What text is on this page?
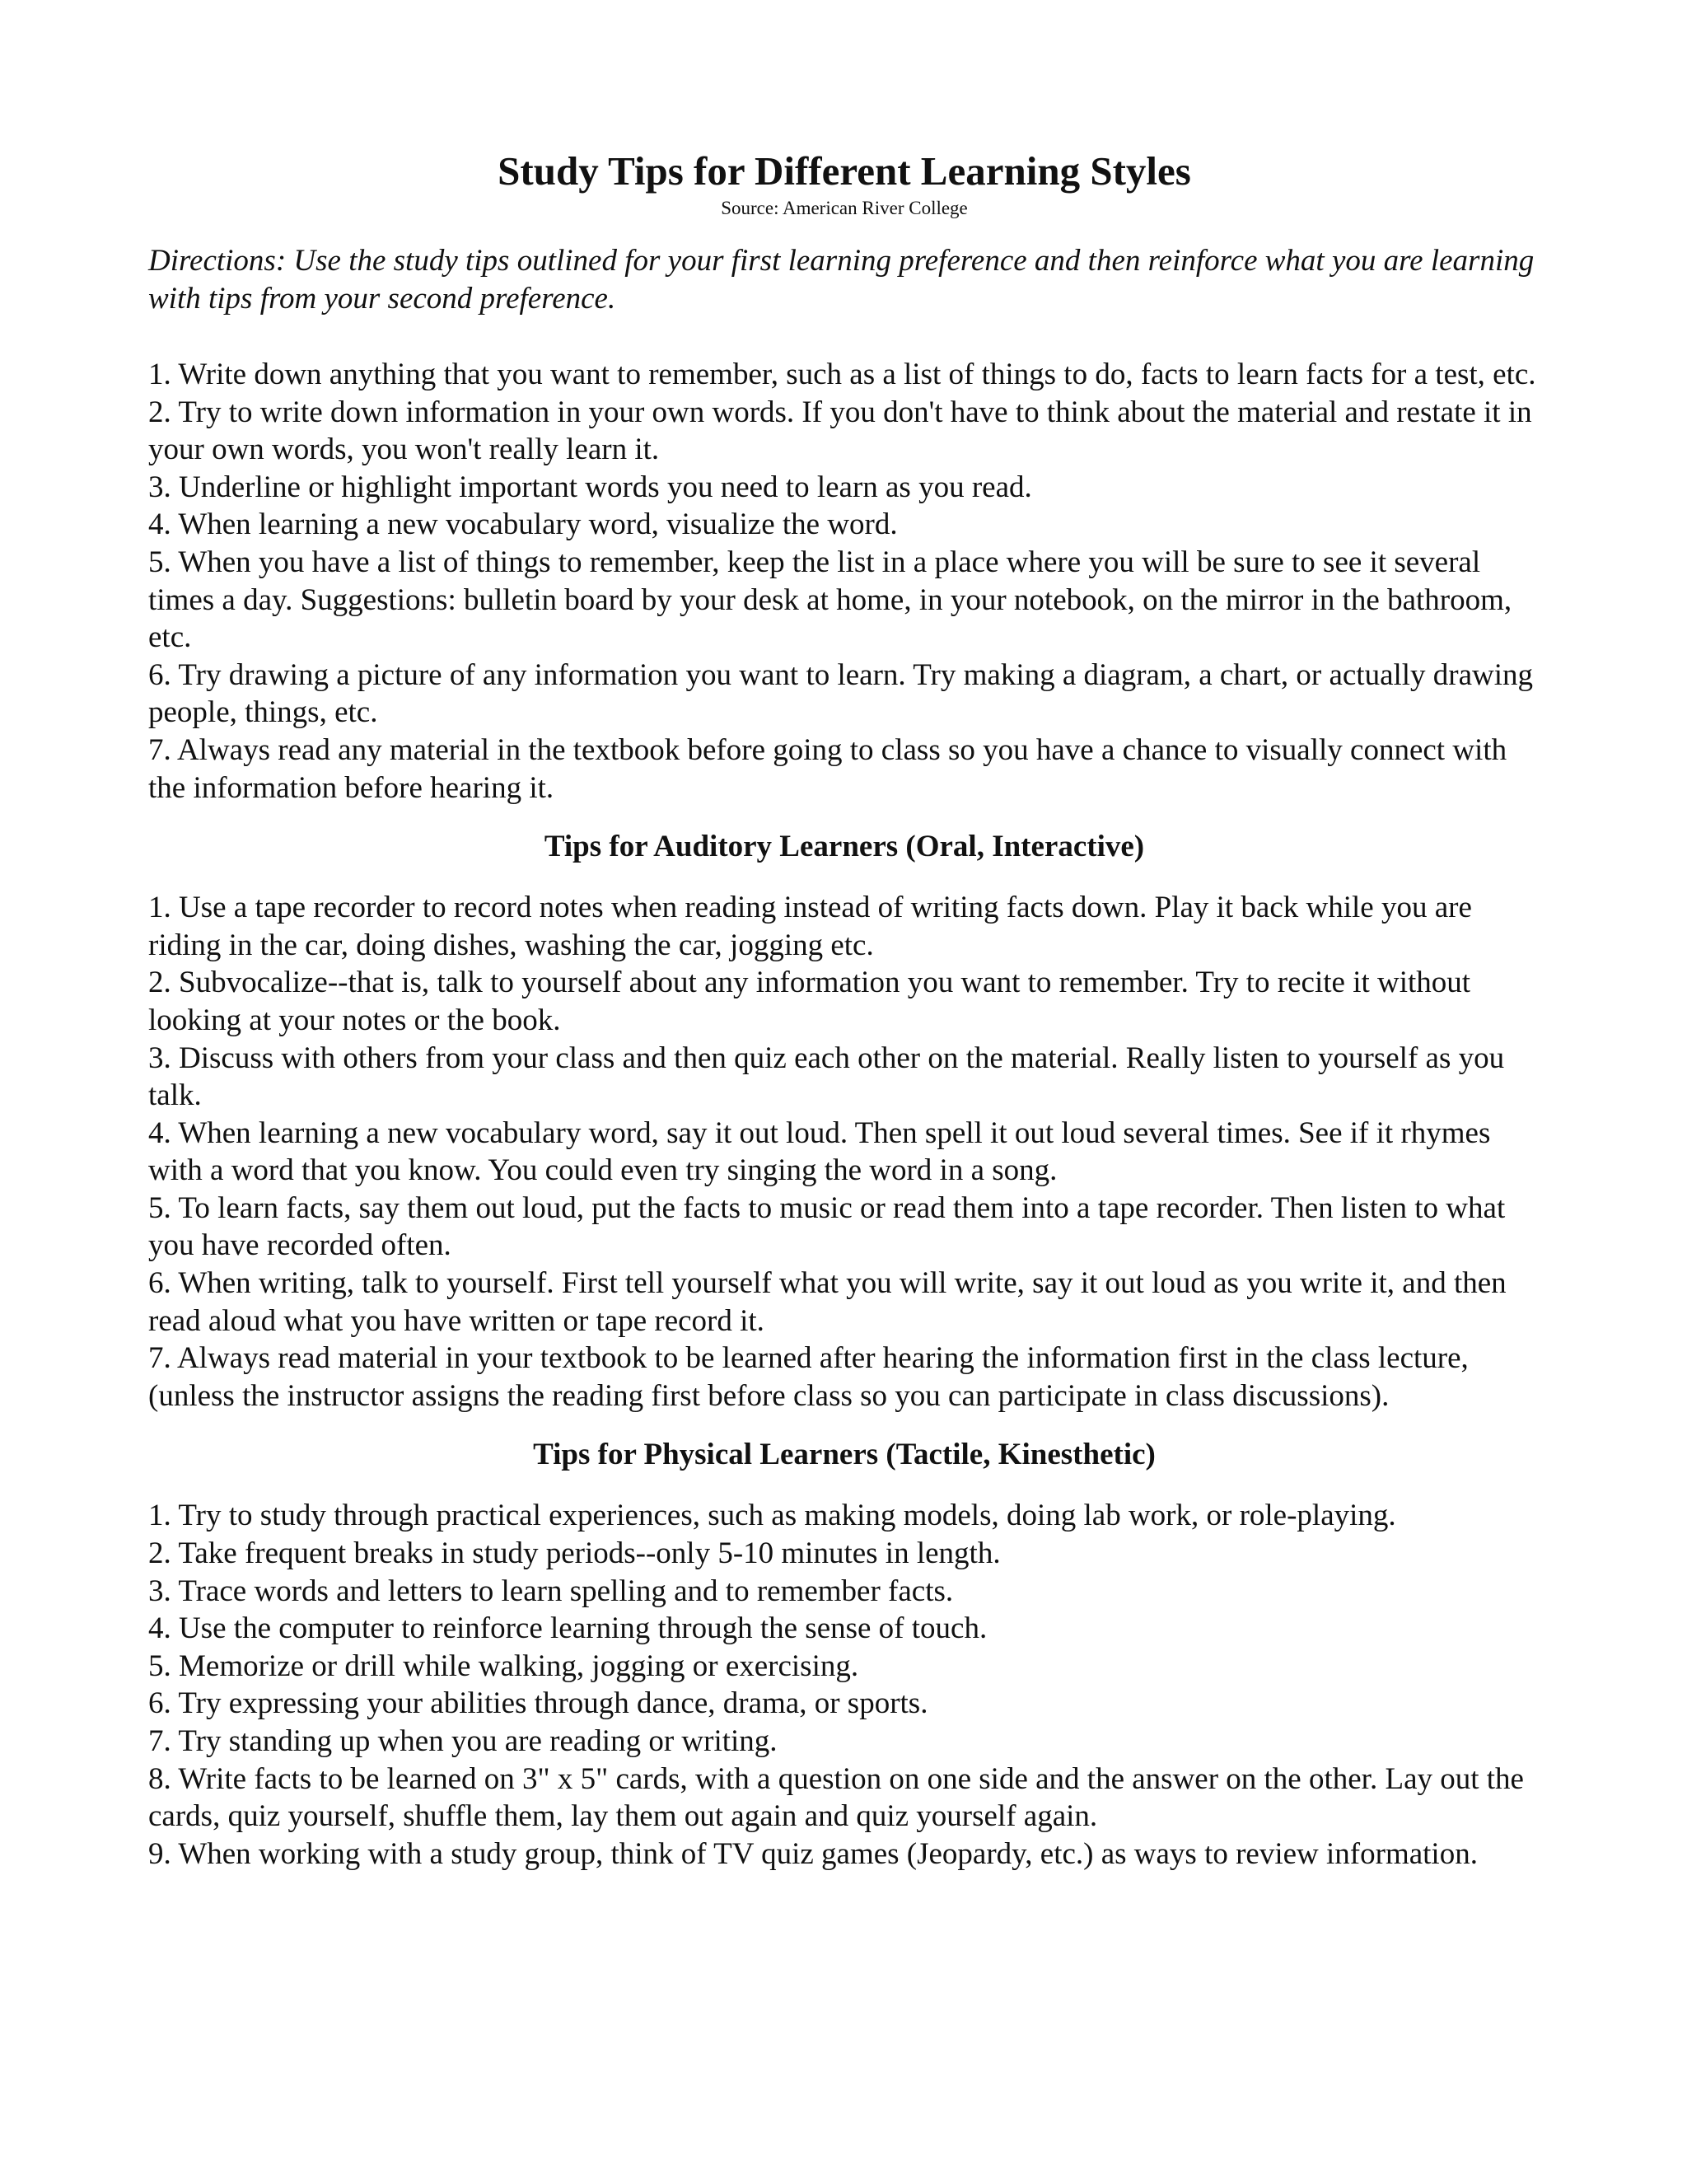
Study Tips for Different Learning Styles

Source: American River College

Directions: Use the study tips outlined for your first learning preference and then reinforce what you are learning with tips from your second preference.

1. Write down anything that you want to remember, such as a list of things to do, facts to learn facts for a test, etc.
2. Try to write down information in your own words. If you don't have to think about the material and restate it in your own words, you won't really learn it.
3. Underline or highlight important words you need to learn as you read.
4. When learning a new vocabulary word, visualize the word.
5. When you have a list of things to remember, keep the list in a place where you will be sure to see it several times a day. Suggestions: bulletin board by your desk at home, in your notebook, on the mirror in the bathroom, etc.
6. Try drawing a picture of any information you want to learn. Try making a diagram, a chart, or actually drawing people, things, etc.
7. Always read any material in the textbook before going to class so you have a chance to visually connect with the information before hearing it.
Tips for Auditory Learners (Oral, Interactive)
1. Use a tape recorder to record notes when reading instead of writing facts down. Play it back while you are riding in the car, doing dishes, washing the car, jogging etc.
2. Subvocalize--that is, talk to yourself about any information you want to remember. Try to recite it without looking at your notes or the book.
3. Discuss with others from your class and then quiz each other on the material. Really listen to yourself as you talk.
4. When learning a new vocabulary word, say it out loud. Then spell it out loud several times. See if it rhymes with a word that you know. You could even try singing the word in a song.
5. To learn facts, say them out loud, put the facts to music or read them into a tape recorder. Then listen to what you have recorded often.
6. When writing, talk to yourself. First tell yourself what you will write, say it out loud as you write it, and then read aloud what you have written or tape record it.
7. Always read material in your textbook to be learned after hearing the information first in the class lecture, (unless the instructor assigns the reading first before class so you can participate in class discussions).
Tips for Physical Learners (Tactile, Kinesthetic)
1. Try to study through practical experiences, such as making models, doing lab work, or role-playing.
2. Take frequent breaks in study periods--only 5-10 minutes in length.
3. Trace words and letters to learn spelling and to remember facts.
4. Use the computer to reinforce learning through the sense of touch.
5. Memorize or drill while walking, jogging or exercising.
6. Try expressing your abilities through dance, drama, or sports.
7. Try standing up when you are reading or writing.
8. Write facts to be learned on 3" x 5" cards, with a question on one side and the answer on the other. Lay out the cards, quiz yourself, shuffle them, lay them out again and quiz yourself again.
9. When working with a study group, think of TV quiz games (Jeopardy, etc.) as ways to review information.
